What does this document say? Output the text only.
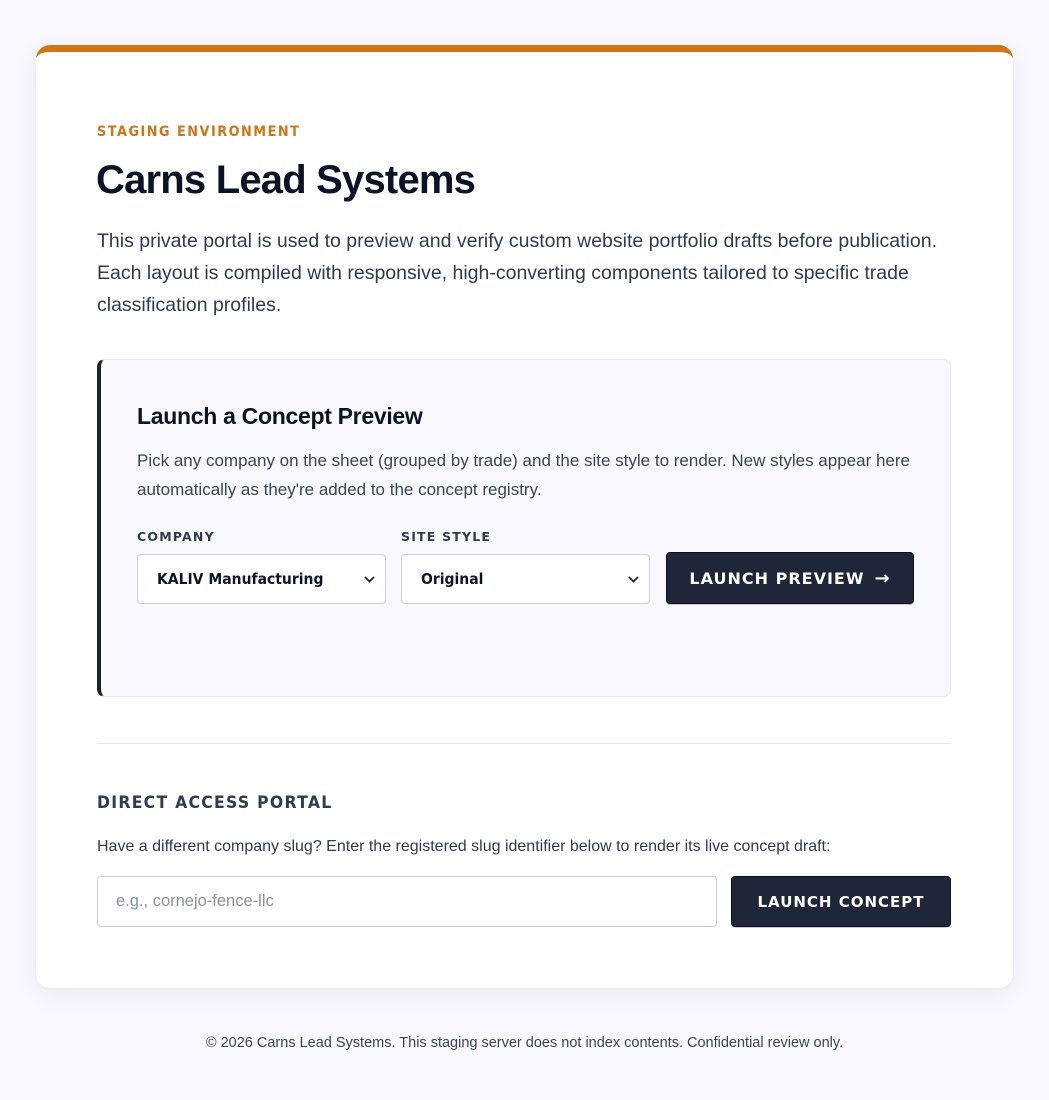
STAGING ENVIRONMENT
Carns Lead Systems

This private portal is used to preview and verify custom website portfolio drafts before publication. Each layout is compiled with responsive, high-converting components tailored to specific trade classification profiles.

Launch a Concept Preview

Pick any company on the sheet (grouped by trade) and the site style to render. New styles appear here automatically as they're added to the concept registry.

COMPANY
KALIV Manufacturing
SITE STYLE
Original	LAUNCH PREVIEW →
DIRECT ACCESS PORTAL

Have a different company slug? Enter the registered slug identifier below to render its live concept draft:

e.g., cornejo-fence-llc
LAUNCH CONCEPT
© 2026 Carns Lead Systems. This staging server does not index contents. Confidential review only.
